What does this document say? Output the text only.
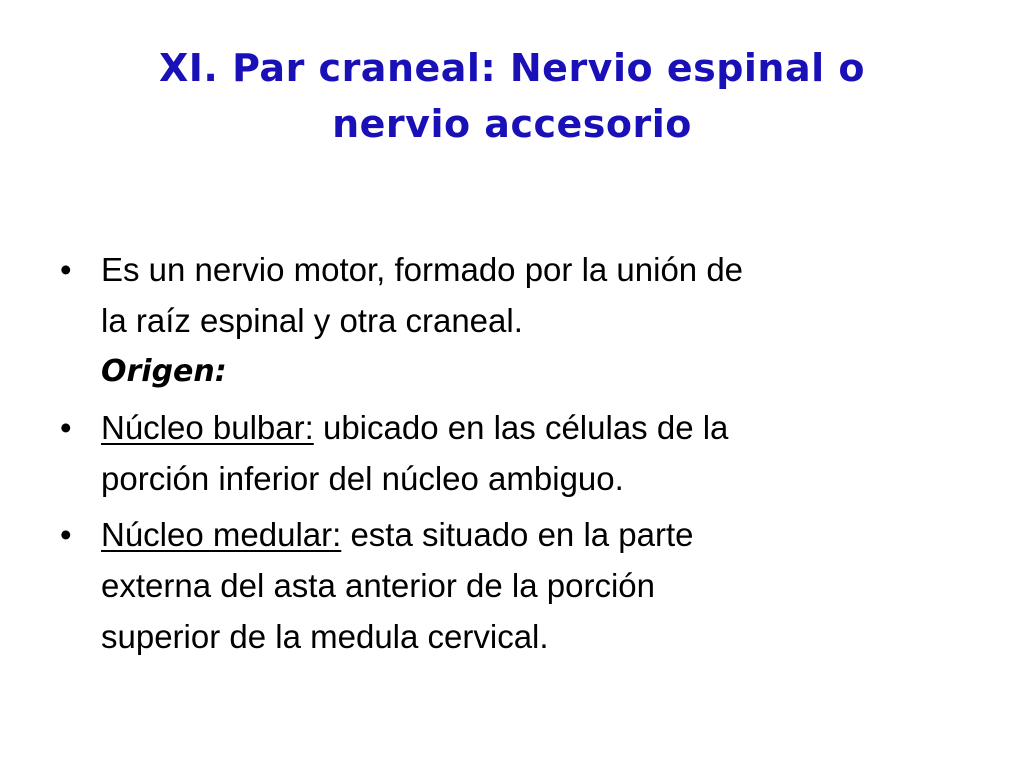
XI. Par craneal: Nervio espinal o
nervio accesorio
• Es un nervio motor, formado por la unión de
la raíz espinal y otra craneal.
Origen:
• Núcleo bulbar: ubicado en las células de la
porción inferior del núcleo ambiguo.
• Núcleo medular: esta situado en la parte
externa del asta anterior de la porción
superior de la medula cervical.
